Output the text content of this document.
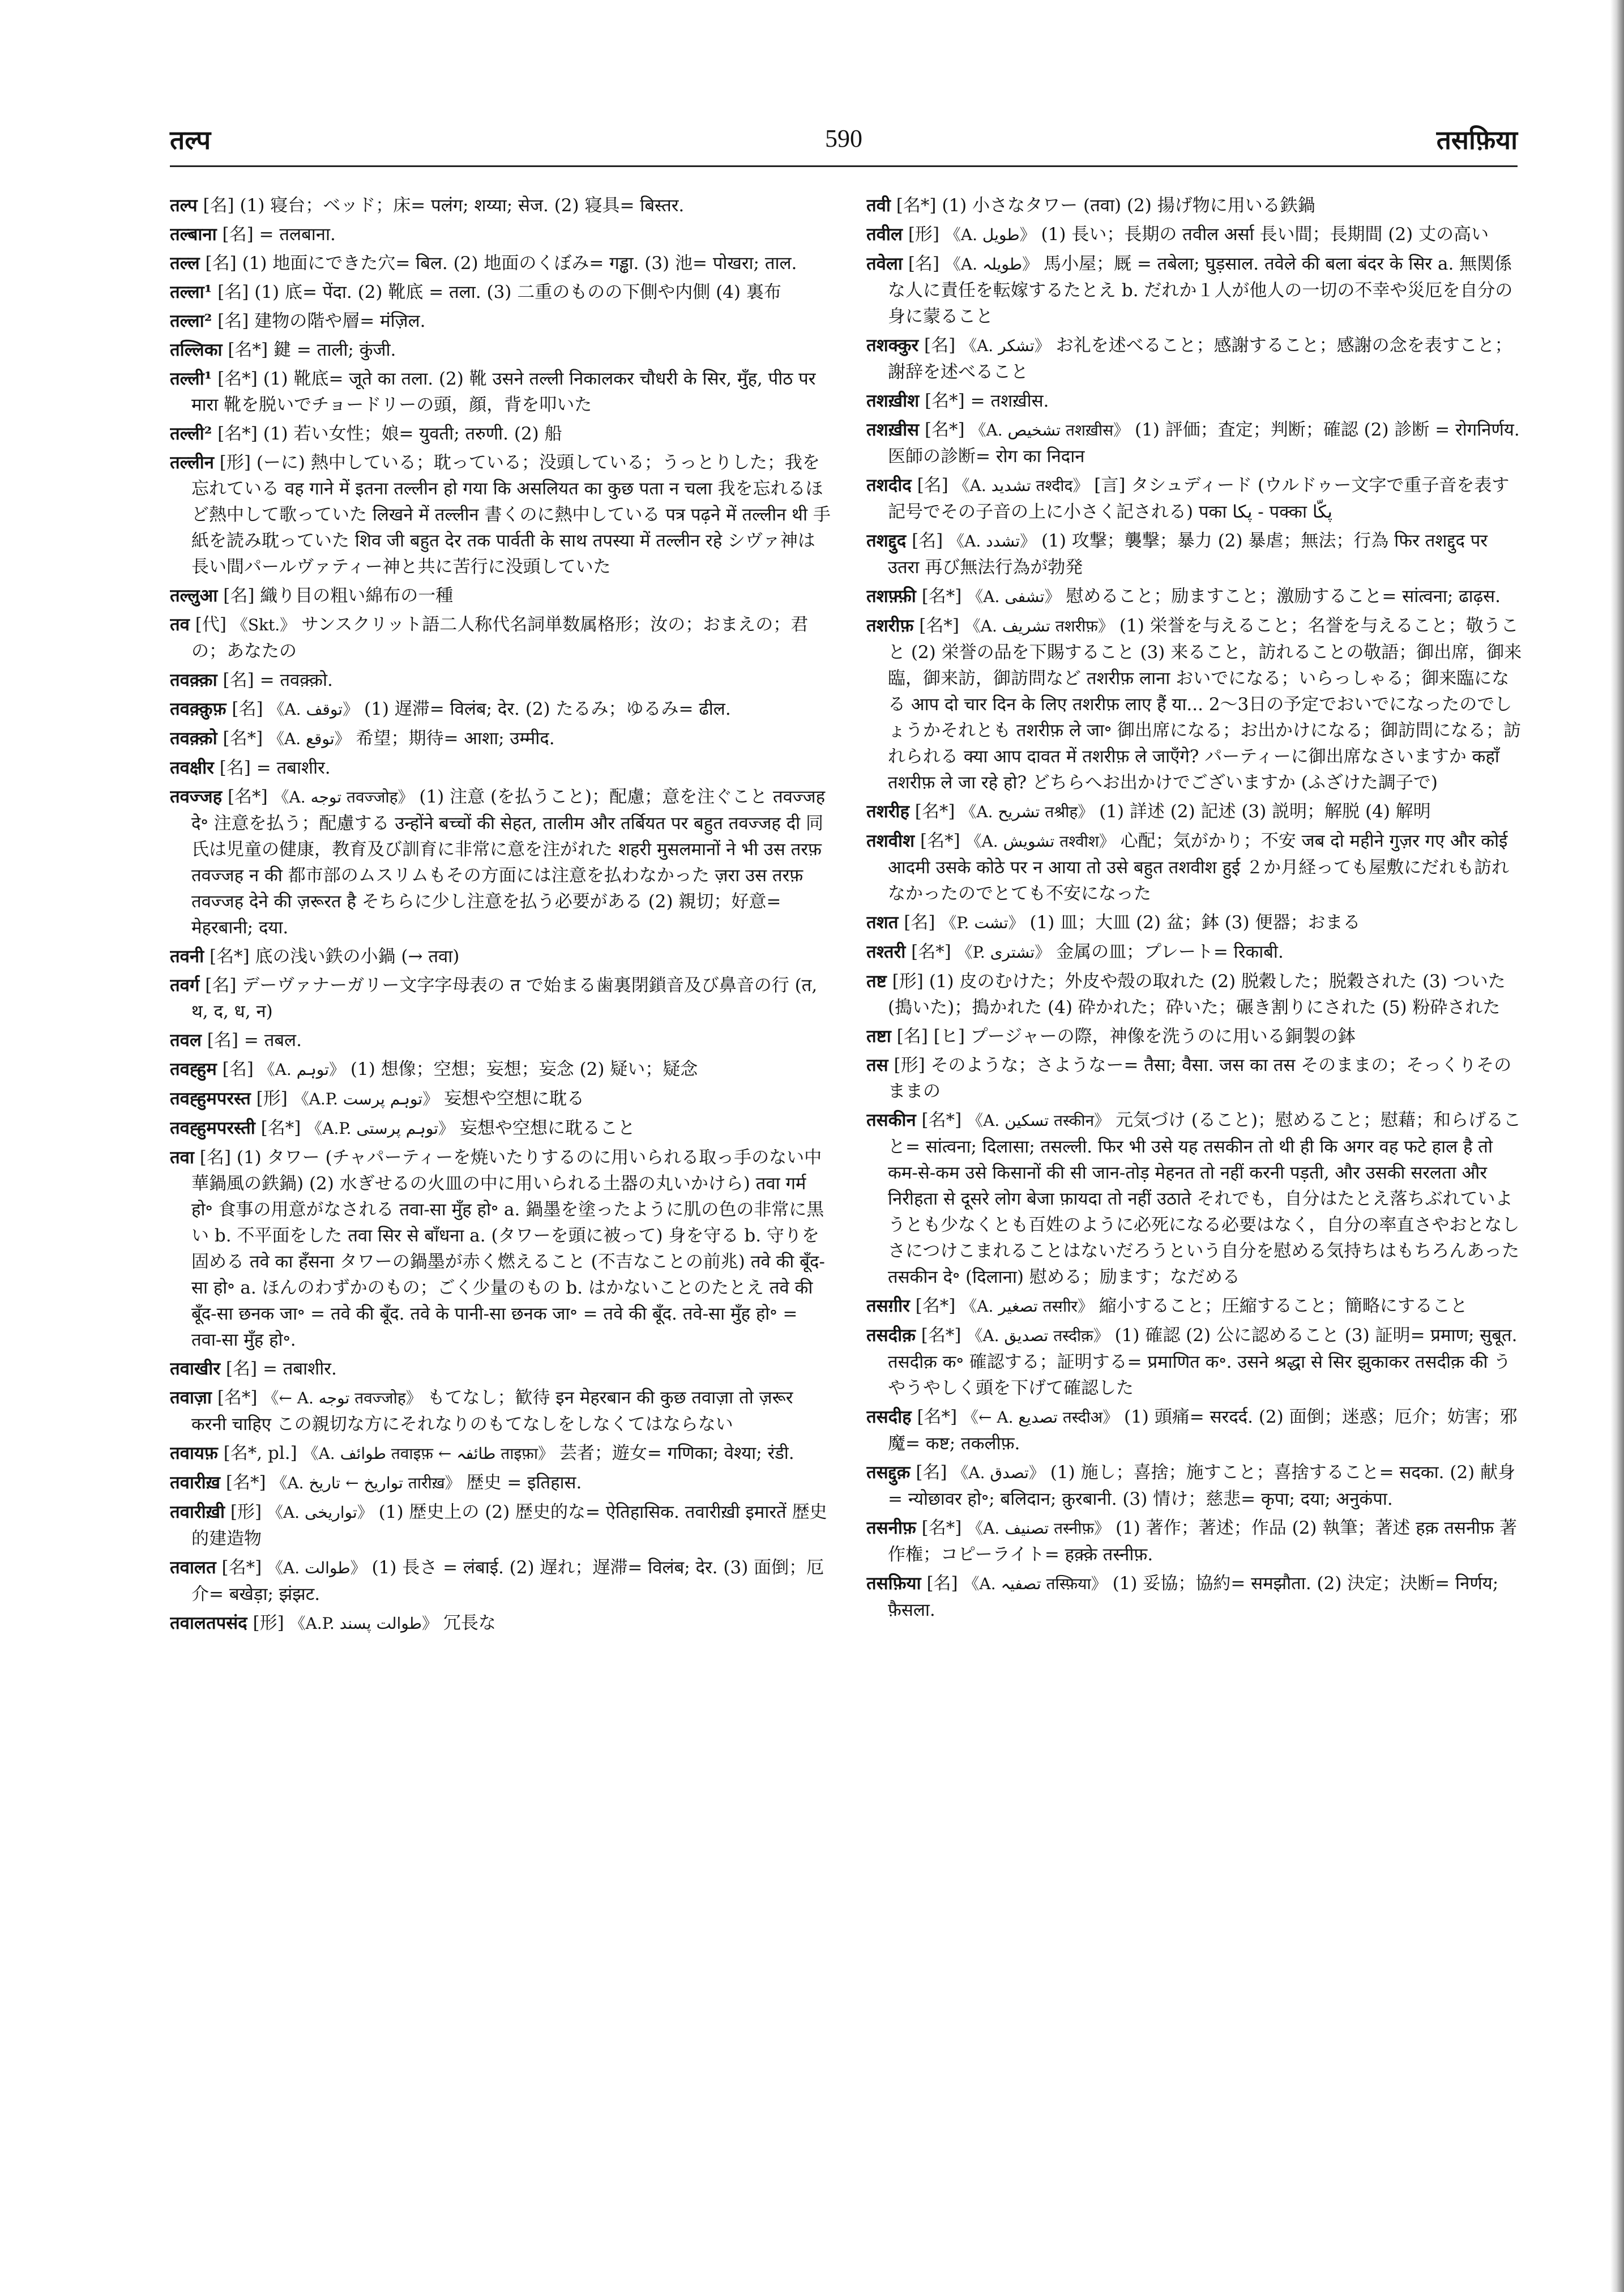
तल्प	590	तसफ़िया

तल्प [名] (1) 寝台；ベッド；床= पलंग; शय्या; सेज. (2) 寝具= बिस्तर.

तल्बाना [名] = तलबाना.

तल्ल [名] (1) 地面にできた穴= बिल. (2) 地面のくぼみ= गड्ढा. (3) 池= पोखरा; ताल.

तल्ला¹ [名] (1) 底= पेंदा. (2) 靴底 = तला. (3) 二重のものの下側や内側 (4) 裏布

तल्ला² [名] 建物の階や層= मंज़िल.

तल्लिका [名*] 鍵 = ताली; कुंजी.

तल्ली¹ [名*] (1) 靴底= जूते का तला. (2) 靴 उसने तल्ली निकालकर चौधरी के सिर, मुँह, पीठ पर मारा 靴を脱いでチョードリーの頭，顔，背を叩いた

तल्ली² [名*] (1) 若い女性；娘= युवती; तरुणी. (2) 船

तल्लीन [形] (ーに) 熱中している；耽っている；没頭している；うっとりした；我を忘れている वह गाने में इतना तल्लीन हो गया कि असलियत का कुछ पता न चला 我を忘れるほど熱中して歌っていた लिखने में तल्लीन 書くのに熱中している पत्र पढ़ने में तल्लीन थी 手紙を読み耽っていた शिव जी बहुत देर तक पार्वती के साथ तपस्या में तल्लीन रहे シヴァ神は長い間パールヴァティー神と共に苦行に没頭していた

तल्लुआ [名] 織り目の粗い綿布の一種

तव [代] 《Skt.》 サンスクリット語二人称代名詞単数属格形；汝の；おまえの；君の；あなたの

तवक़्क़ा [名] = तवक़्क़ो.

तवक़्क़ुफ़ [名] 《A. توقف》 (1) 遅滞= विलंब; देर. (2) たるみ；ゆるみ= ढील.

तवक़्क़ो [名*] 《A. توقع》 希望；期待= आशा; उम्मीद.

तवक्षीर [名] = तबाशीर.

तवज्जह [名*] 《A. توجه तवज्जोह》 (1) 注意 (を払うこと)；配慮；意を注ぐこと तवज्जह दे॰ 注意を払う；配慮する उन्होंने बच्चों की सेहत, तालीम और तर्बियत पर बहुत तवज्जह दी 同氏は児童の健康，教育及び訓育に非常に意を注がれた शहरी मुसलमानों ने भी उस तरफ़ तवज्जह न की 都市部のムスリムもその方面には注意を払わなかった ज़रा उस तरफ़ तवज्जह देने की ज़रूरत है そちらに少し注意を払う必要がある (2) 親切；好意= मेहरबानी; दया.

तवनी [名*] 底の浅い鉄の小鍋 (→ तवा)

तवर्ग [名] デーヴァナーガリー文字字母表の त で始まる歯裏閉鎖音及び鼻音の行 (त, थ, द, ध, न)

तवल [名] = तबल.

तवह्हुम [名] 《A. توہم》 (1) 想像；空想；妄想；妄念 (2) 疑い；疑念

तवह्हुमपरस्त [形] 《A.P. توہم پرست》 妄想や空想に耽る

तवह्हुमपरस्ती [名*] 《A.P. توہم پرستی》 妄想や空想に耽ること

तवा [名] (1) タワー (チャパーティーを焼いたりするのに用いられる取っ手のない中華鍋風の鉄鍋) (2) 水ぎせるの火皿の中に用いられる土器の丸いかけら) तवा गर्म हो॰ 食事の用意がなされる तवा-सा मुँह हो॰ a. 鍋墨を塗ったように肌の色の非常に黒い b. 不平面をした तवा सिर से बाँधना a. (タワーを頭に被って) 身を守る b. 守りを固める तवे का हँसना タワーの鍋墨が赤く燃えること (不吉なことの前兆) तवे की बूँद-सा हो॰ a. ほんのわずかのもの；ごく少量のもの b. はかないことのたとえ तवे की बूँद-सा छनक जा॰ = तवे की बूँद. तवे के पानी-सा छनक जा॰ = तवे की बूँद. तवे-सा मुँह हो॰ = तवा-सा मुँह हो॰.

तवाखीर [名] = तबाशीर.

तवाज़ा [名*] 《← A. توجه तवज्जोह》 もてなし；歓待 इन मेहरबान की कुछ तवाज़ा तो ज़रूर करनी चाहिए この親切な方にそれなりのもてなしをしなくてはならない

तवायफ़ [名*, pl.] 《A. طوائف तवाइफ़ ← طائفہ ताइफ़ा》 芸者；遊女= गणिका; वेश्या; रंडी.

तवारीख़ [名*] 《A. تواریخ ← تاریخ तारीख़》 歴史 = इतिहास.

तवारीख़ी [形] 《A. تواریخی》 (1) 歴史上の (2) 歴史的な= ऐतिहासिक. तवारीख़ी इमारतें 歴史的建造物

तवालत [名*] 《A. طوالت》 (1) 長さ = लंबाई. (2) 遅れ；遅滞= विलंब; देर. (3) 面倒；厄介= बखेड़ा; झंझट.

तवालतपसंद [形] 《A.P. طوالت پسند》 冗長な

तवी [名*] (1) 小さなタワー (तवा) (2) 揚げ物に用いる鉄鍋

तवील [形] 《A. طويل》 (1) 長い；長期の तवील अर्सा 長い間；長期間 (2) 丈の高い

तवेला [名] 《A. طويلہ》 馬小屋；厩 = तबेला; घुड़साल. तवेले की बला बंदर के सिर a. 無関係な人に責任を転嫁するたとえ b. だれか１人が他人の一切の不幸や災厄を自分の身に蒙ること

तशक्कुर [名] 《A. تشکر》 お礼を述べること；感謝すること；感謝の念を表すこと；謝辞を述べること

तशख़ीश [名*] = तशख़ीस.

तशख़ीस [名*] 《A. تشخیص तशख़ीस》 (1) 評価；査定；判断；確認 (2) 診断 = रोगनिर्णय. 医師の診断= रोग का निदान

तशदीद [名] 《A. تشدید तश्दीद》 [言] タシュディード (ウルドゥー文字で重子音を表す記号でその子音の上に小さく記される) पका پکا - पक्का پکّا

तशद्दुद [名] 《A. تشدد》 (1) 攻撃；襲撃；暴力 (2) 暴虐；無法；行為 फिर तशद्दुद पर उतरा 再び無法行為が勃発

तशफ़्फ़ी [名*] 《A. تشفی》 慰めること；励ますこと；激励すること= सांत्वना; ढाढ़स.

तशरीफ़ [名*] 《A. تشریف तशरीफ़》 (1) 栄誉を与えること；名誉を与えること；敬うこと (2) 栄誉の品を下賜すること (3) 来ること，訪れることの敬語；御出席，御来臨，御来訪，御訪問など तशरीफ़ लाना おいでになる；いらっしゃる；御来臨になる आप दो चार दिन के लिए तशरीफ़ लाए हैं या... 2〜3日の予定でおいでになったのでしょうかそれとも तशरीफ़ ले जा॰ 御出席になる；お出かけになる；御訪問になる；訪れられる क्या आप दावत में तशरीफ़ ले जाएँगे? パーティーに御出席なさいますか कहाँ तशरीफ़ ले जा रहे हो? どちらへお出かけでございますか (ふざけた調子で)

तशरीह [名*] 《A. تشریح तश्रीह》 (1) 詳述 (2) 記述 (3) 説明；解脱 (4) 解明

तशवीश [名*] 《A. تشویش तश्वीश》 心配；気がかり；不安 जब दो महीने गुज़र गए और कोई आदमी उसके कोठे पर न आया तो उसे बहुत तशवीश हुई ２か月経っても屋敷にだれも訪れなかったのでとても不安になった

तशत [名] 《P. تشت》 (1) 皿；大皿 (2) 盆；鉢 (3) 便器；おまる

तश्तरी [名*] 《P. تشتری》 金属の皿；プレート= रिकाबी.

तष्ट [形] (1) 皮のむけた；外皮や殻の取れた (2) 脱穀した；脱穀された (3) ついた (搗いた)；搗かれた (4) 砕かれた；砕いた；碾き割りにされた (5) 粉砕された

तष्टा [名] [ヒ] プージャーの際，神像を洗うのに用いる銅製の鉢

तस [形] そのような；さようなー= तैसा; वैसा. जस का तस そのままの；そっくりそのままの

तसकीन [名*] 《A. تسکین तस्कीन》 元気づけ (ること)；慰めること；慰藉；和らげること= सांत्वना; दिलासा; तसल्ली. फिर भी उसे यह तसकीन तो थी ही कि अगर वह फटे हाल है तो कम-से-कम उसे किसानों की सी जान-तोड़ मेहनत तो नहीं करनी पड़ती, और उसकी सरलता और निरीहता से दूसरे लोग बेजा फ़ायदा तो नहीं उठाते それでも，自分はたとえ落ちぶれていようとも少なくとも百姓のように必死になる必要はなく，自分の率直さやおとなしさにつけこまれることはないだろうという自分を慰める気持ちはもちろんあった तसकीन दे॰ (दिलाना) 慰める；励ます；なだめる

तसग़ीर [名*] 《A. تصغیر तस्ग़ीर》 縮小すること；圧縮すること；簡略にすること

तसदीक़ [名*] 《A. تصدیق तस्दीक़》 (1) 確認 (2) 公に認めること (3) 証明= प्रमाण; सुबूत. तसदीक़ क॰ 確認する；証明する= प्रमाणित क॰. उसने श्रद्धा से सिर झुकाकर तसदीक़ की うやうやしく頭を下げて確認した

तसदीह [名*] 《← A. تصدیع तस्दीअ》 (1) 頭痛= सरदर्द. (2) 面倒；迷惑；厄介；妨害；邪魔= कष्ट; तकलीफ़.

तसद्दुक़ [名] 《A. تصدق》 (1) 施し；喜捨；施すこと；喜捨すること= सदका. (2) 献身= न्योछावर हो॰; बलिदान; क़ुरबानी. (3) 情け；慈悲= कृपा; दया; अनुकंपा.

तसनीफ़ [名*] 《A. تصنیف तस्नीफ़》 (1) 著作；著述；作品 (2) 執筆；著述 हक़ तसनीफ़ 著作権；コピーライト= हक़्क़े तस्नीफ़.

तसफ़िया [名] 《A. تصفیہ तस्फ़िया》 (1) 妥協；協約= समझौता. (2) 決定；決断= निर्णय; फ़ैसला.
